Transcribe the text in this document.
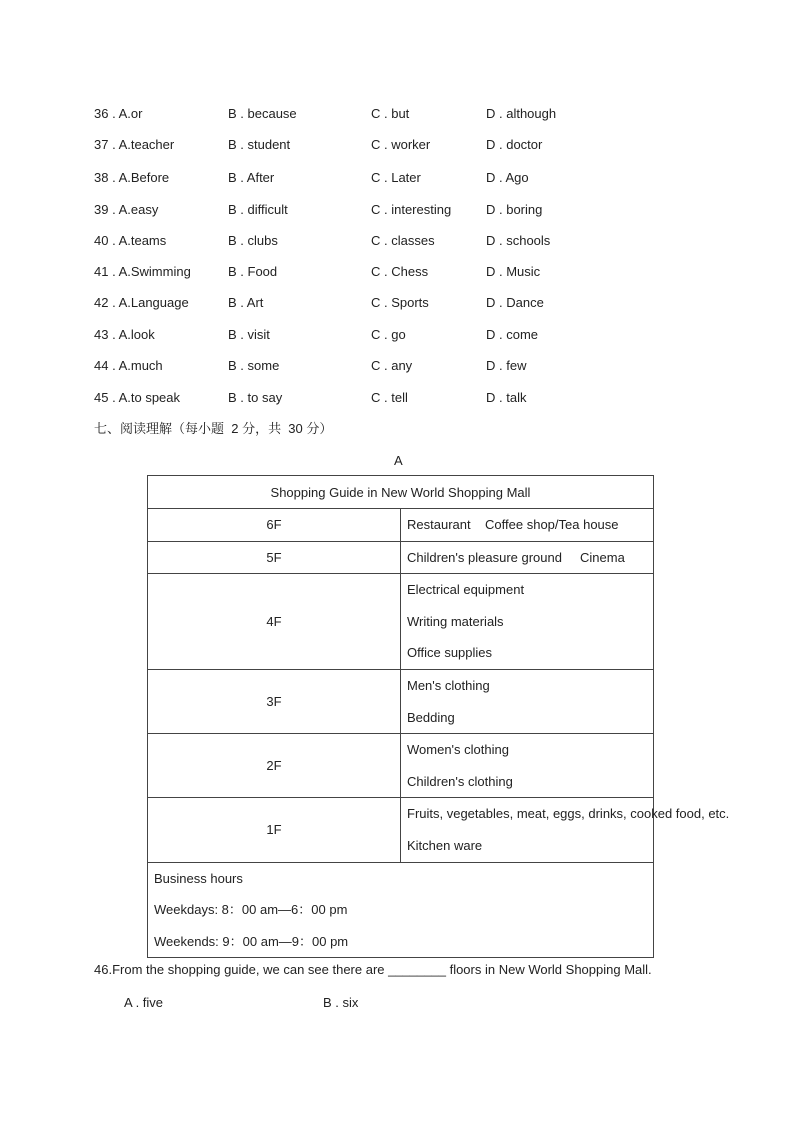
36 . A.or	B . because	C . but	D . although
37 . A.teacher	B . student	C . worker	D . doctor
38 . A.Before	B . After	C . Later	D . Ago
39 . A.easy	B . difficult	C . interesting	D . boring
40 . A.teams	B . clubs	C . classes	D . schools
41 . A.Swimming	B . Food	C . Chess	D . Music
42 . A.Language	B . Art	C . Sports	D . Dance
43 . A.look	B . visit	C . go	D . come
44 . A.much	B . some	C . any	D . few
45 . A.to speak	B . to say	C . tell	D . talk
七、阅读理解（每小题  2 分，共  30 分）
A
Shopping Guide in New World Shopping Mall	
6F	Restaurant    Coffee shop/Tea house

5F	Children's pleasure ground     Cinema

4F	Electrical equipment
Writing materials
Office supplies

3F	Men's clothing
Bedding

2F	Women's clothing
Children's clothing

1F	Fruits, vegetables, meat, eggs, drinks, cooked food, etc.
Kitchen ware

Business hours
Weekdays: 8：00 am—6：00 pm
Weekends: 9：00 am—9：00 pm	
46.From the shopping guide, we can see there are ________ floors in New World Shopping Mall.
A . five	B . six
